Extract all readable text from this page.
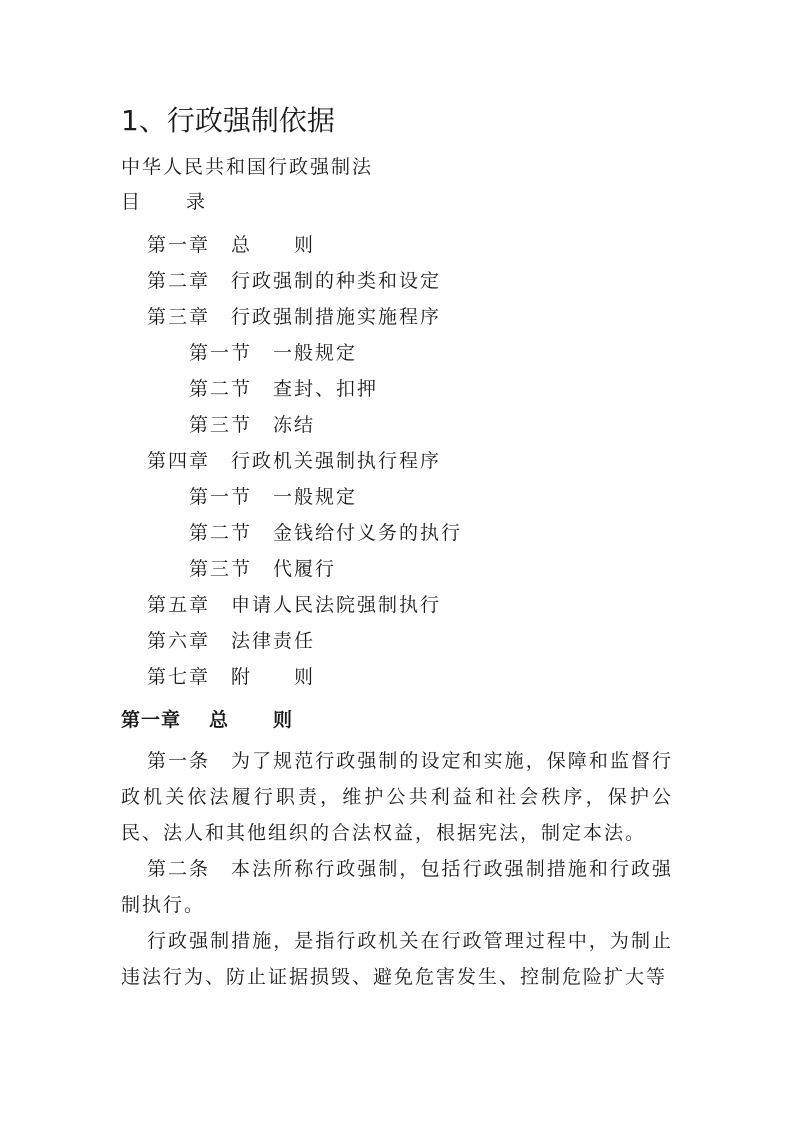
1、行政强制依据
中华人民共和国行政强制法
目 录
第一章 总 则
第二章 行政强制的种类和设定
第三章 行政强制措施实施程序
第一节 一般规定
第二节 查封、扣押
第三节 冻结
第四章 行政机关强制执行程序
第一节 一般规定
第二节 金钱给付义务的执行
第三节 代履行
第五章 申请人民法院强制执行
第六章 法律责任
第七章 附 则
第一章 总 则
第一条 为了规范行政强制的设定和实施，保障和监督行政机关依法履行职责，维护公共利益和社会秩序，保护公民、法人和其他组织的合法权益，根据宪法，制定本法。
第二条 本法所称行政强制，包括行政强制措施和行政强制执行。
行政强制措施，是指行政机关在行政管理过程中，为制止违法行为、防止证据损毁、避免危害发生、控制危险扩大等
